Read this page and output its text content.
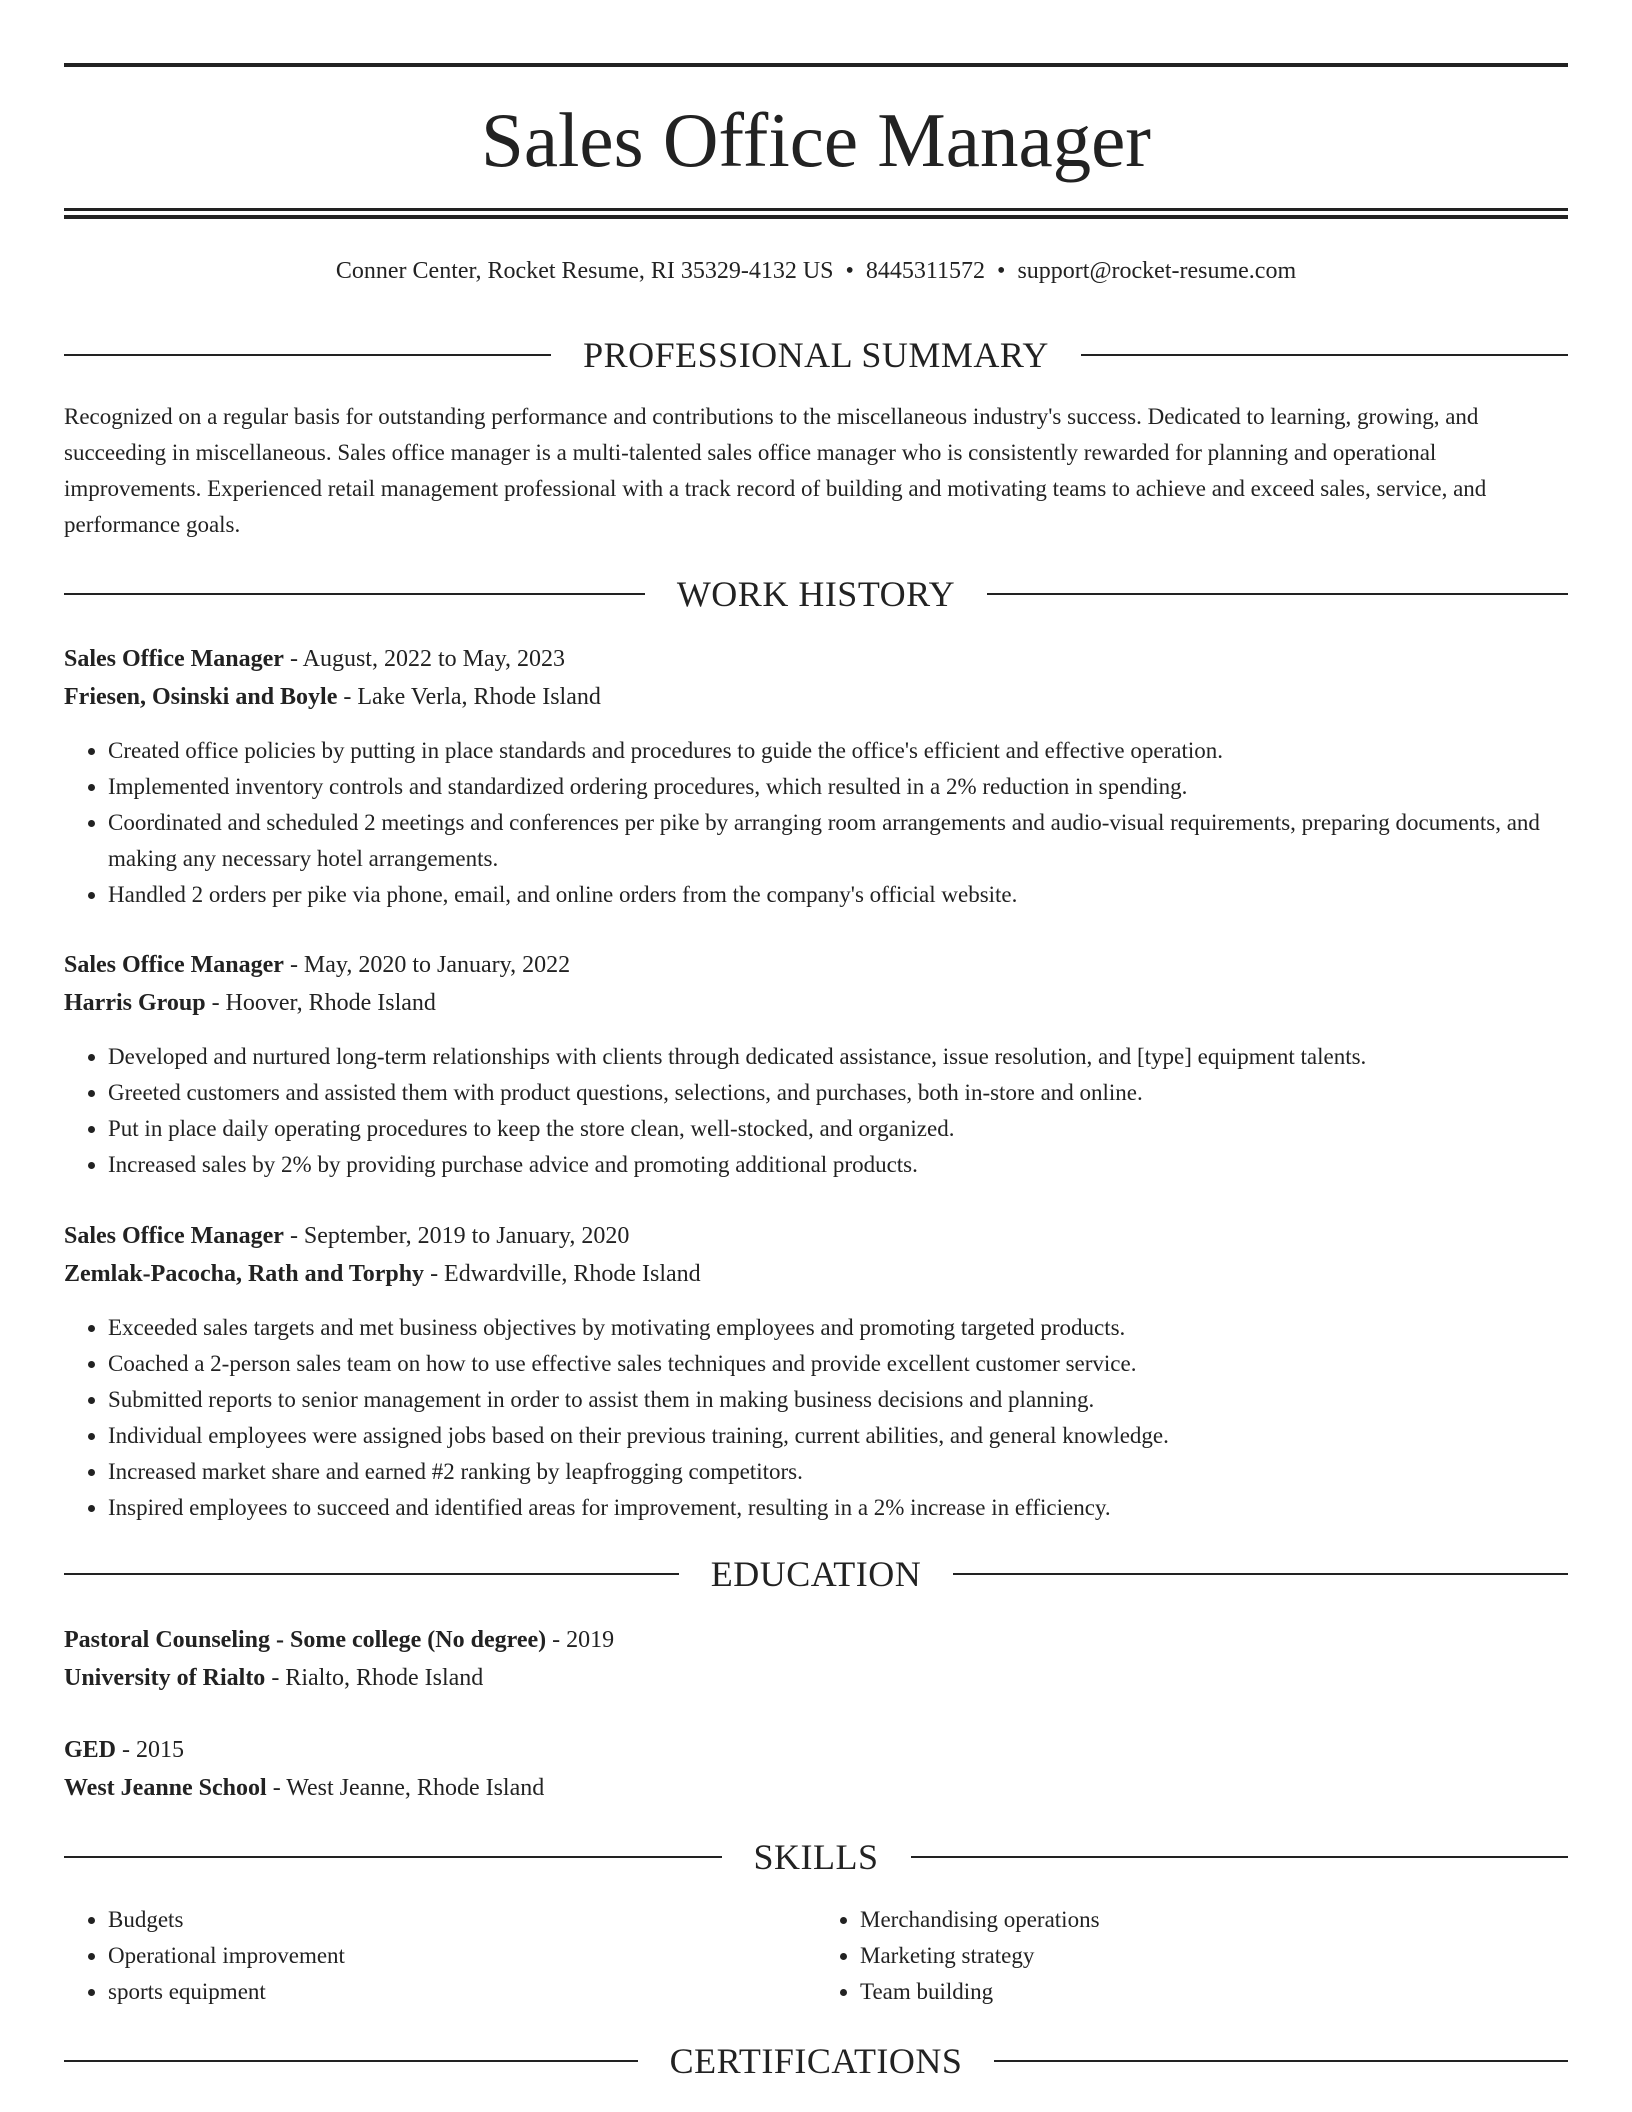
Sales Office Manager
Conner Center, Rocket Resume, RI 35329-4132 US • 8445311572 • support@rocket-resume.com
PROFESSIONAL SUMMARY

Recognized on a regular basis for outstanding performance and contributions to the miscellaneous industry's success. Dedicated to learning, growing, and succeeding in miscellaneous. Sales office manager is a multi-talented sales office manager who is consistently rewarded for planning and operational improvements. Experienced retail management professional with a track record of building and motivating teams to achieve and exceed sales, service, and performance goals.

WORK HISTORY
Sales Office Manager - August, 2022 to May, 2023
Friesen, Osinski and Boyle - Lake Verla, Rhode Island
• Created office policies by putting in place standards and procedures to guide the office's efficient and effective operation.
• Implemented inventory controls and standardized ordering procedures, which resulted in a 2% reduction in spending.
• Coordinated and scheduled 2 meetings and conferences per pike by arranging room arrangements and audio-visual requirements, preparing documents, and making any necessary hotel arrangements.
• Handled 2 orders per pike via phone, email, and online orders from the company's official website.
Sales Office Manager - May, 2020 to January, 2022
Harris Group - Hoover, Rhode Island
• Developed and nurtured long-term relationships with clients through dedicated assistance, issue resolution, and [type] equipment talents.
• Greeted customers and assisted them with product questions, selections, and purchases, both in-store and online.
• Put in place daily operating procedures to keep the store clean, well-stocked, and organized.
• Increased sales by 2% by providing purchase advice and promoting additional products.
Sales Office Manager - September, 2019 to January, 2020
Zemlak-Pacocha, Rath and Torphy - Edwardville, Rhode Island
• Exceeded sales targets and met business objectives by motivating employees and promoting targeted products.
• Coached a 2-person sales team on how to use effective sales techniques and provide excellent customer service.
• Submitted reports to senior management in order to assist them in making business decisions and planning.
• Individual employees were assigned jobs based on their previous training, current abilities, and general knowledge.
• Increased market share and earned #2 ranking by leapfrogging competitors.
• Inspired employees to succeed and identified areas for improvement, resulting in a 2% increase in efficiency.
EDUCATION
Pastoral Counseling - Some college (No degree) - 2019
University of Rialto - Rialto, Rhode Island
GED - 2015
West Jeanne School - West Jeanne, Rhode Island
SKILLS
• Budgets
• Operational improvement
• sports equipment
• Merchandising operations
• Marketing strategy
• Team building
CERTIFICATIONS
